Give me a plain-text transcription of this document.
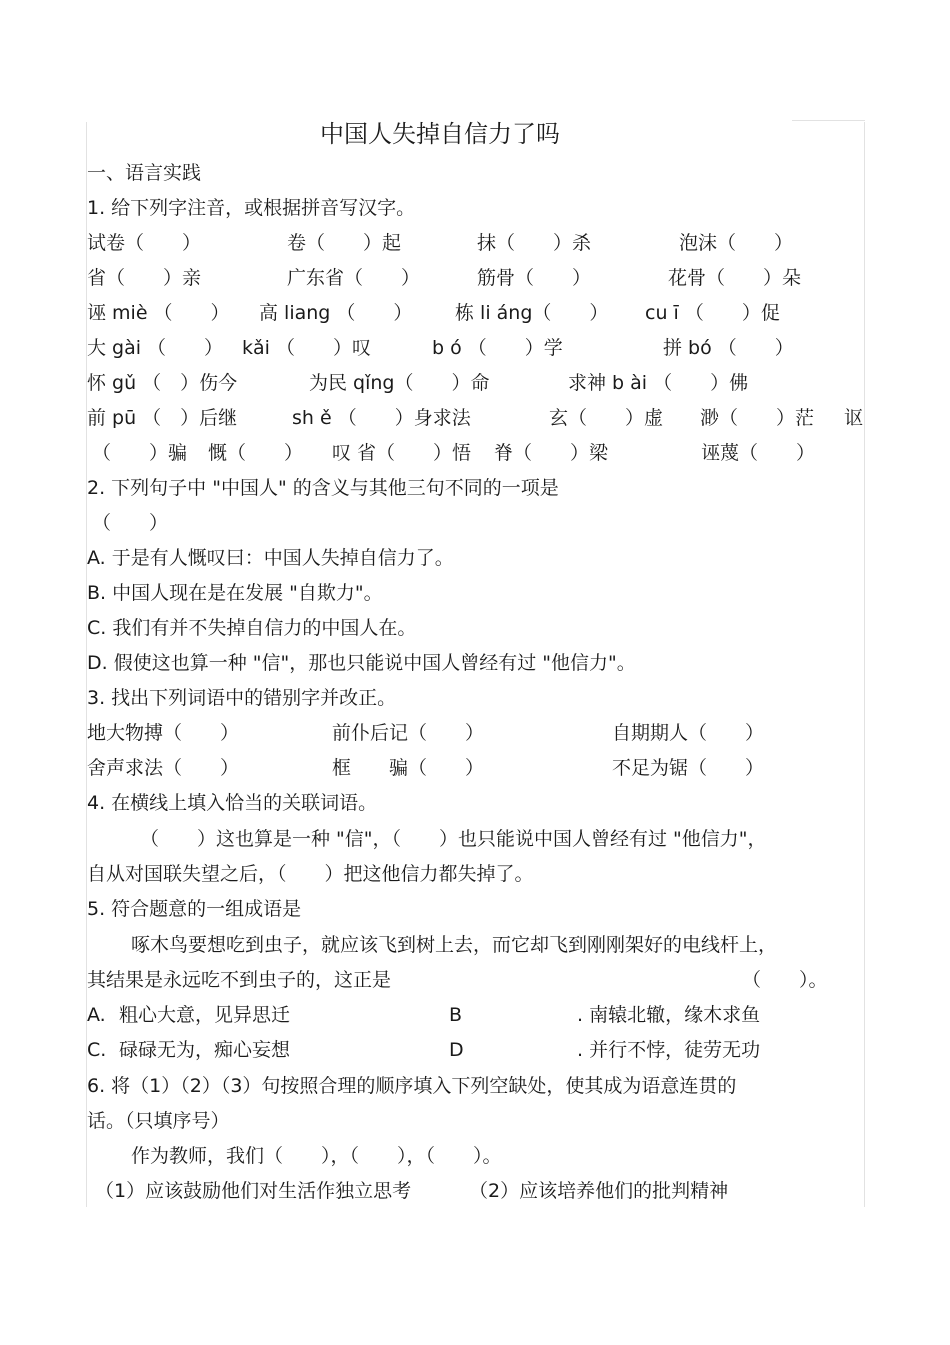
中国人失掉自信力了吗
一、语言实践
1. 给下列字注音，或根据拼音写汉字。
试卷（　　）	卷（　　）起	抹（　　）杀	泡沫（　　）
省（　　）亲	广东省（　　）	筋骨（　　）	花骨（　　）朵
诬 miè （　　） 高 liang （　　） 栋 li áng（　　） cu ī （　　）促
大 gài （　　） kǎi （　　）叹	b ó （　　）学	拼 bó （　　）
怀 gǔ （　）伤今	为民 qǐng（　　）命	求神 b ài （　　）佛
前 pū （　）后继	sh ě （　　）身求法	玄（　　）虚 渺（　　）茫 讴
（　　）骗 慨（　　） 叹 省（　　）悟 脊（　　）梁	诬蔑（　　）
2. 下列句子中 "中国人" 的含义与其他三句不同的一项是
（　　）
A. 于是有人慨叹曰：中国人失掉自信力了。
B. 中国人现在是在发展 "自欺力"。
C. 我们有并不失掉自信力的中国人在。
D. 假使这也算一种 "信"，那也只能说中国人曾经有过 "他信力"。
3. 找出下列词语中的错别字并改正。
地大物搏（　　）	前仆后记（　　）	自期期人（　　）
舍声求法（　　）	框　　骗（　　）	不足为锯（　　）
4. 在横线上填入恰当的关联词语。
（　　）这也算是一种 "信"，（　　）也只能说中国人曾经有过 "他信力"，
自从对国联失望之后，（　　）把这他信力都失掉了。
5. 符合题意的一组成语是
啄木鸟要想吃到虫子，就应该飞到树上去，而它却飞到刚刚架好的电线杆上，
其结果是永远吃不到虫子的，这正是	（　　）。
A. 粗心大意，见异思迁	B	. 南辕北辙，缘木求鱼
C. 碌碌无为，痴心妄想	D	. 并行不悖，徒劳无功
6. 将（1）（2）（3）句按照合理的顺序填入下列空缺处，使其成为语意连贯的
话。（只填序号）
作为教师，我们（　　），（　　），（　　）。
（1）应该鼓励他们对生活作独立思考	（2）应该培养他们的批判精神
